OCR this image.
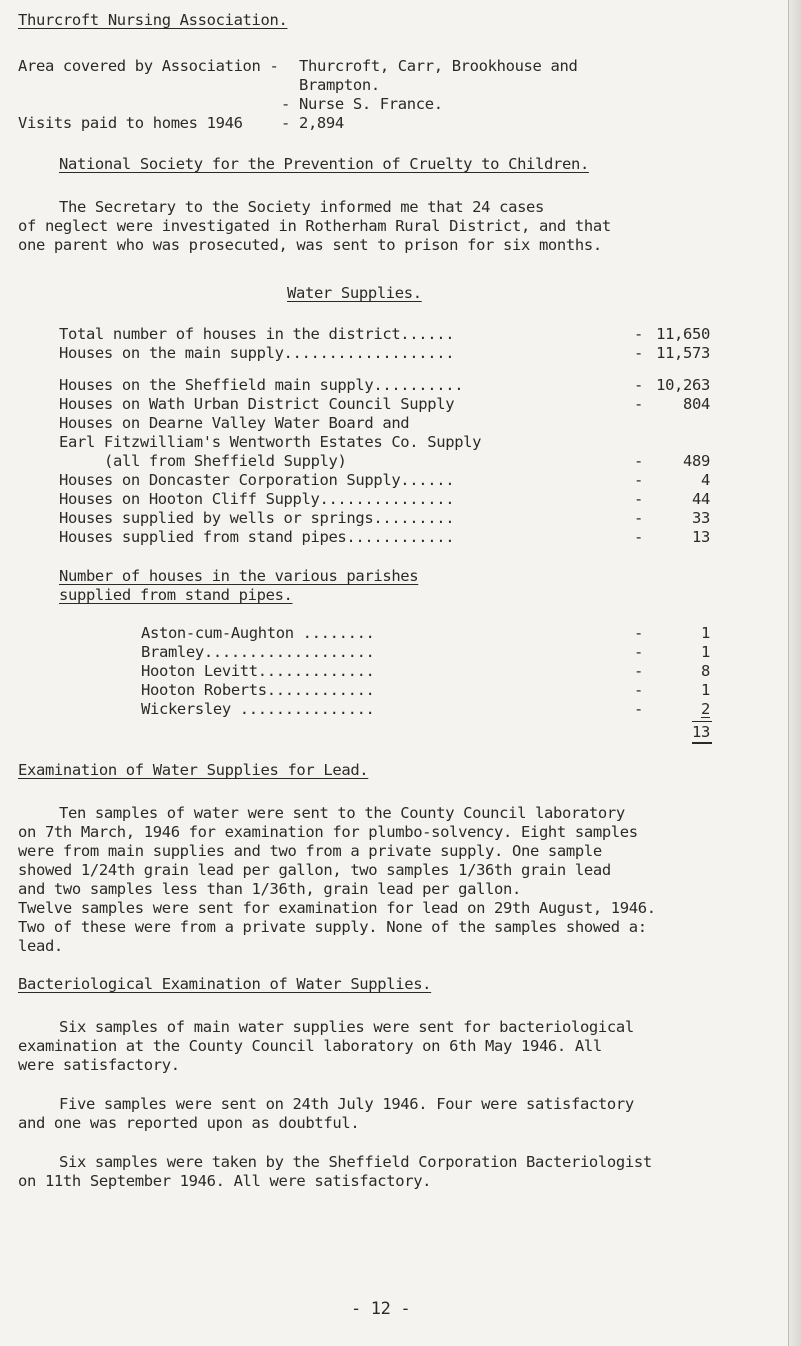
Thurcroft Nursing Association.
Area covered by Association - Thurcroft, Carr, Brookhouse and
Brampton.
- Nurse S. France.
Visits paid to homes 1946 - 2,894
National Society for the Prevention of Cruelty to Children.
The Secretary to the Society informed me that 24 cases
of neglect were investigated in Rotherham Rural District, and that
one parent who was prosecuted, was sent to prison for six months.
Water Supplies.
Total number of houses in the district......	- 11,650
Houses on the main supply...................	- 11,573
Houses on the Sheffield main supply..........	- 10,263
Houses on Wath Urban District Council Supply	-	804
Houses on Dearne Valley Water Board and
Earl Fitzwilliam's Wentworth Estates Co. Supply
(all from Sheffield Supply)	-	489
Houses on Doncaster Corporation Supply......	-	4
Houses on Hooton Cliff Supply...............	-	44
Houses supplied by wells or springs.........	-	33
Houses supplied from stand pipes............	-	13
Number of houses in the various parishes
supplied from stand pipes.
Aston-cum-Aughton ........	-	1
Bramley...................	-	1
Hooton Levitt.............	-	8
Hooton Roberts............	-	1
Wickersley ...............	-	2
13
Examination of Water Supplies for Lead.
Ten samples of water were sent to the County Council laboratory
on 7th March, 1946 for examination for plumbo-solvency. Eight samples
were from main supplies and two from a private supply. One sample
showed 1/24th grain lead per gallon, two samples 1/36th grain lead
and two samples less than 1/36th, grain lead per gallon.
Twelve samples were sent for examination for lead on 29th August, 1946.
Two of these were from a private supply. None of the samples showed a:
lead.
Bacteriological Examination of Water Supplies.
Six samples of main water supplies were sent for bacteriological
examination at the County Council laboratory on 6th May 1946. All
were satisfactory.
Five samples were sent on 24th July 1946. Four were satisfactory
and one was reported upon as doubtful.
Six samples were taken by the Sheffield Corporation Bacteriologist
on 11th September 1946. All were satisfactory.
- 12 -
